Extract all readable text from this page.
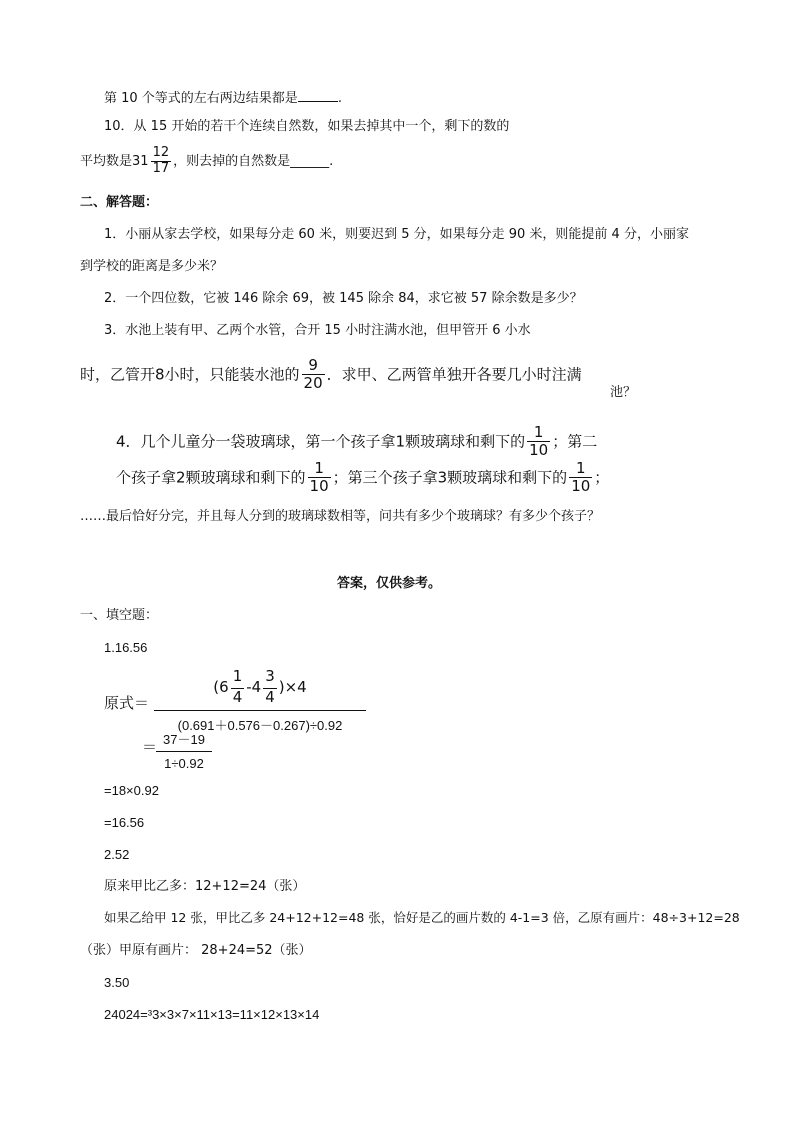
第 10 个等式的左右两边结果都是	.
10．从 15 开始的若干个连续自然数，如果去掉其中一个，剩下的数的
平均数是$31 \frac{12}{17}$ ，则去掉的自然数是______.
二、解答题：
1．小丽从家去学校，如果每分走 60 米，则要迟到 5 分，如果每分走 90 米，则能提前 4 分，小丽家
到学校的距离是多少米？
2．一个四位数，它被 146 除余 69，被 145 除余 84，求它被 57 除余数是多少？
3．水池上装有甲、乙两个水管，合开 15 小时注满水池，但甲管开 6 小水
时，乙管开8小时，只能装水池的 $\frac{9}{20}$ ．求甲、乙两管单独开各要几小时注满
池？
4．几个儿童分一袋玻璃球，第一个孩子拿1颗玻璃球和剩下的 $\frac{1}{10}$ ；第二
个孩子拿2颗玻璃球和剩下的 $\frac{1}{10}$ ；第三个孩子拿3颗玻璃球和剩下的 $\frac{1}{10}$ ；
……最后恰好分完，并且每人分到的玻璃球数相等，问共有多少个玻璃球？有多少个孩子？
答案，仅供参考。
一、填空题：
1.16.56
原式＝ $\frac{(6 \frac{1}{4} -4 \frac{3}{4} )\times 4}{(0.691+0.576-0.267)\div 0.92}$
＝
$\frac{37-19}{1\div 0.92}$
=18×0.92
=16.56
2.52
原来甲比乙多：12+12=24（张）
如果乙给甲 12 张，甲比乙多 24+12+12=48 张，恰好是乙的画片数的 4-1=3 倍，乙原有画片：48÷3+12=28
（张）甲原有画片： 28+24=52（张）
3.50
24024=³3×3×7×11×13=11×12×13×14
